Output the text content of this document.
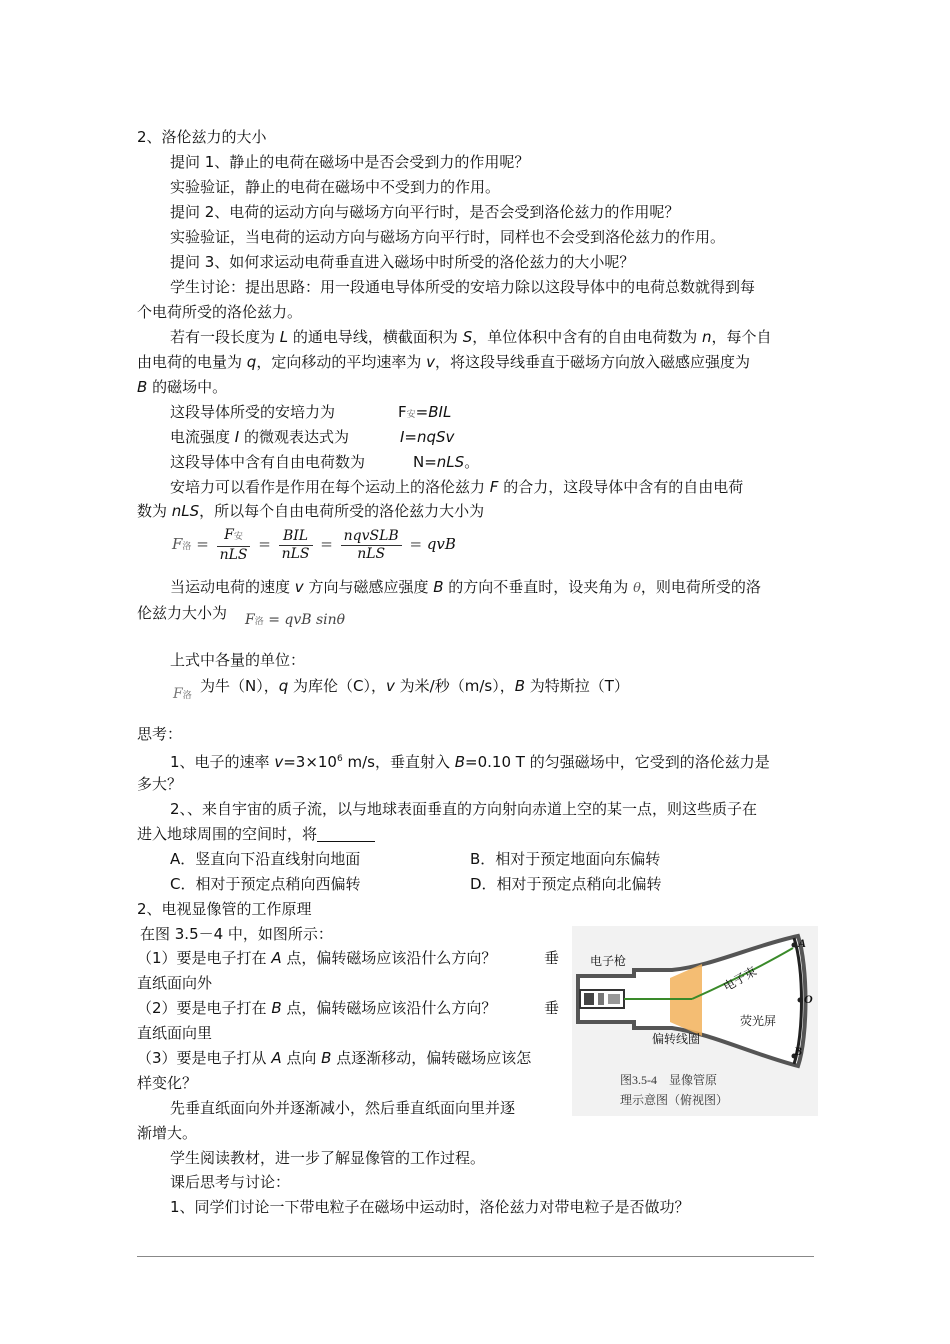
2、洛伦兹力的大小
提问 1、静止的电荷在磁场中是否会受到力的作用呢？
实验验证，静止的电荷在磁场中不受到力的作用。
提问 2、电荷的运动方向与磁场方向平行时，是否会受到洛伦兹力的作用呢？
实验验证，当电荷的运动方向与磁场方向平行时，同样也不会受到洛伦兹力的作用。
提问 3、如何求运动电荷垂直进入磁场中时所受的洛伦兹力的大小呢？
学生讨论：提出思路：用一段通电导体所受的安培力除以这段导体中的电荷总数就得到每
个电荷所受的洛伦兹力。
若有一段长度为 L 的通电导线，横截面积为 S，单位体积中含有的自由电荷数为 n，每个自
由电荷的电量为 q，定向移动的平均速率为 v，将这段导线垂直于磁场方向放入磁感应强度为
B 的磁场中。
这段导体所受的安培力为	F安=BIL
电流强度 I 的微观表达式为	I=nqSv
这段导体中含有自由电荷数为	N=nLS。
安培力可以看作是作用在每个运动上的洛伦兹力 F 的合力，这段导体中含有的自由电荷
数为 nLS，所以每个自由电荷所受的洛伦兹力大小为
F洛 = $\frac{\text{F安}}{\text{nLS}} = \frac{\text{BIL}}{\text{nLS}} = \frac{\text{nqvSLB}}{\text{nLS}}$ = qvB
当运动电荷的速度 v 方向与磁感应强度 B 的方向不垂直时，设夹角为 θ，则电荷所受的洛
伦兹力大小为 F洛 = qvB sinθ
上式中各量的单位：
F洛
为牛（N），q 为库伦（C），v 为米/秒（m/s），B 为特斯拉（T）
思考：
1、电子的速率 $v=3\times 10^6$ m/s，垂直射入 B=0.10 T 的匀强磁场中，它受到的洛伦兹力是
多大？
2、、来自宇宙的质子流，以与地球表面垂直的方向射向赤道上空的某一点，则这些质子在
进入地球周围的空间时，将
A．竖直向下沿直线射向地面	B．相对于预定地面向东偏转
C．相对于预定点稍向西偏转	D．相对于预定点稍向北偏转
2、电视显像管的工作原理
在图 3.5－4 中，如图所示：
（1）要是电子打在 A 点，偏转磁场应该沿什么方向？	垂
直纸面向外
（2）要是电子打在 B 点，偏转磁场应该沿什么方向？	垂
直纸面向里
（3）要是电子打从 A 点向 B 点逐渐移动，偏转磁场应该怎
样变化？
先垂直纸面向外并逐渐减小，然后垂直纸面向里并逐
渐增大。
学生阅读教材，进一步了解显像管的工作过程。
课后思考与讨论：
1、同学们讨论一下带电粒子在磁场中运动时，洛伦兹力对带电粒子是否做功？
电子枪
电子束
荧光屏
偏转线圈
A
O
B
图3.5-4　显像管原
理示意图（俯视图）
